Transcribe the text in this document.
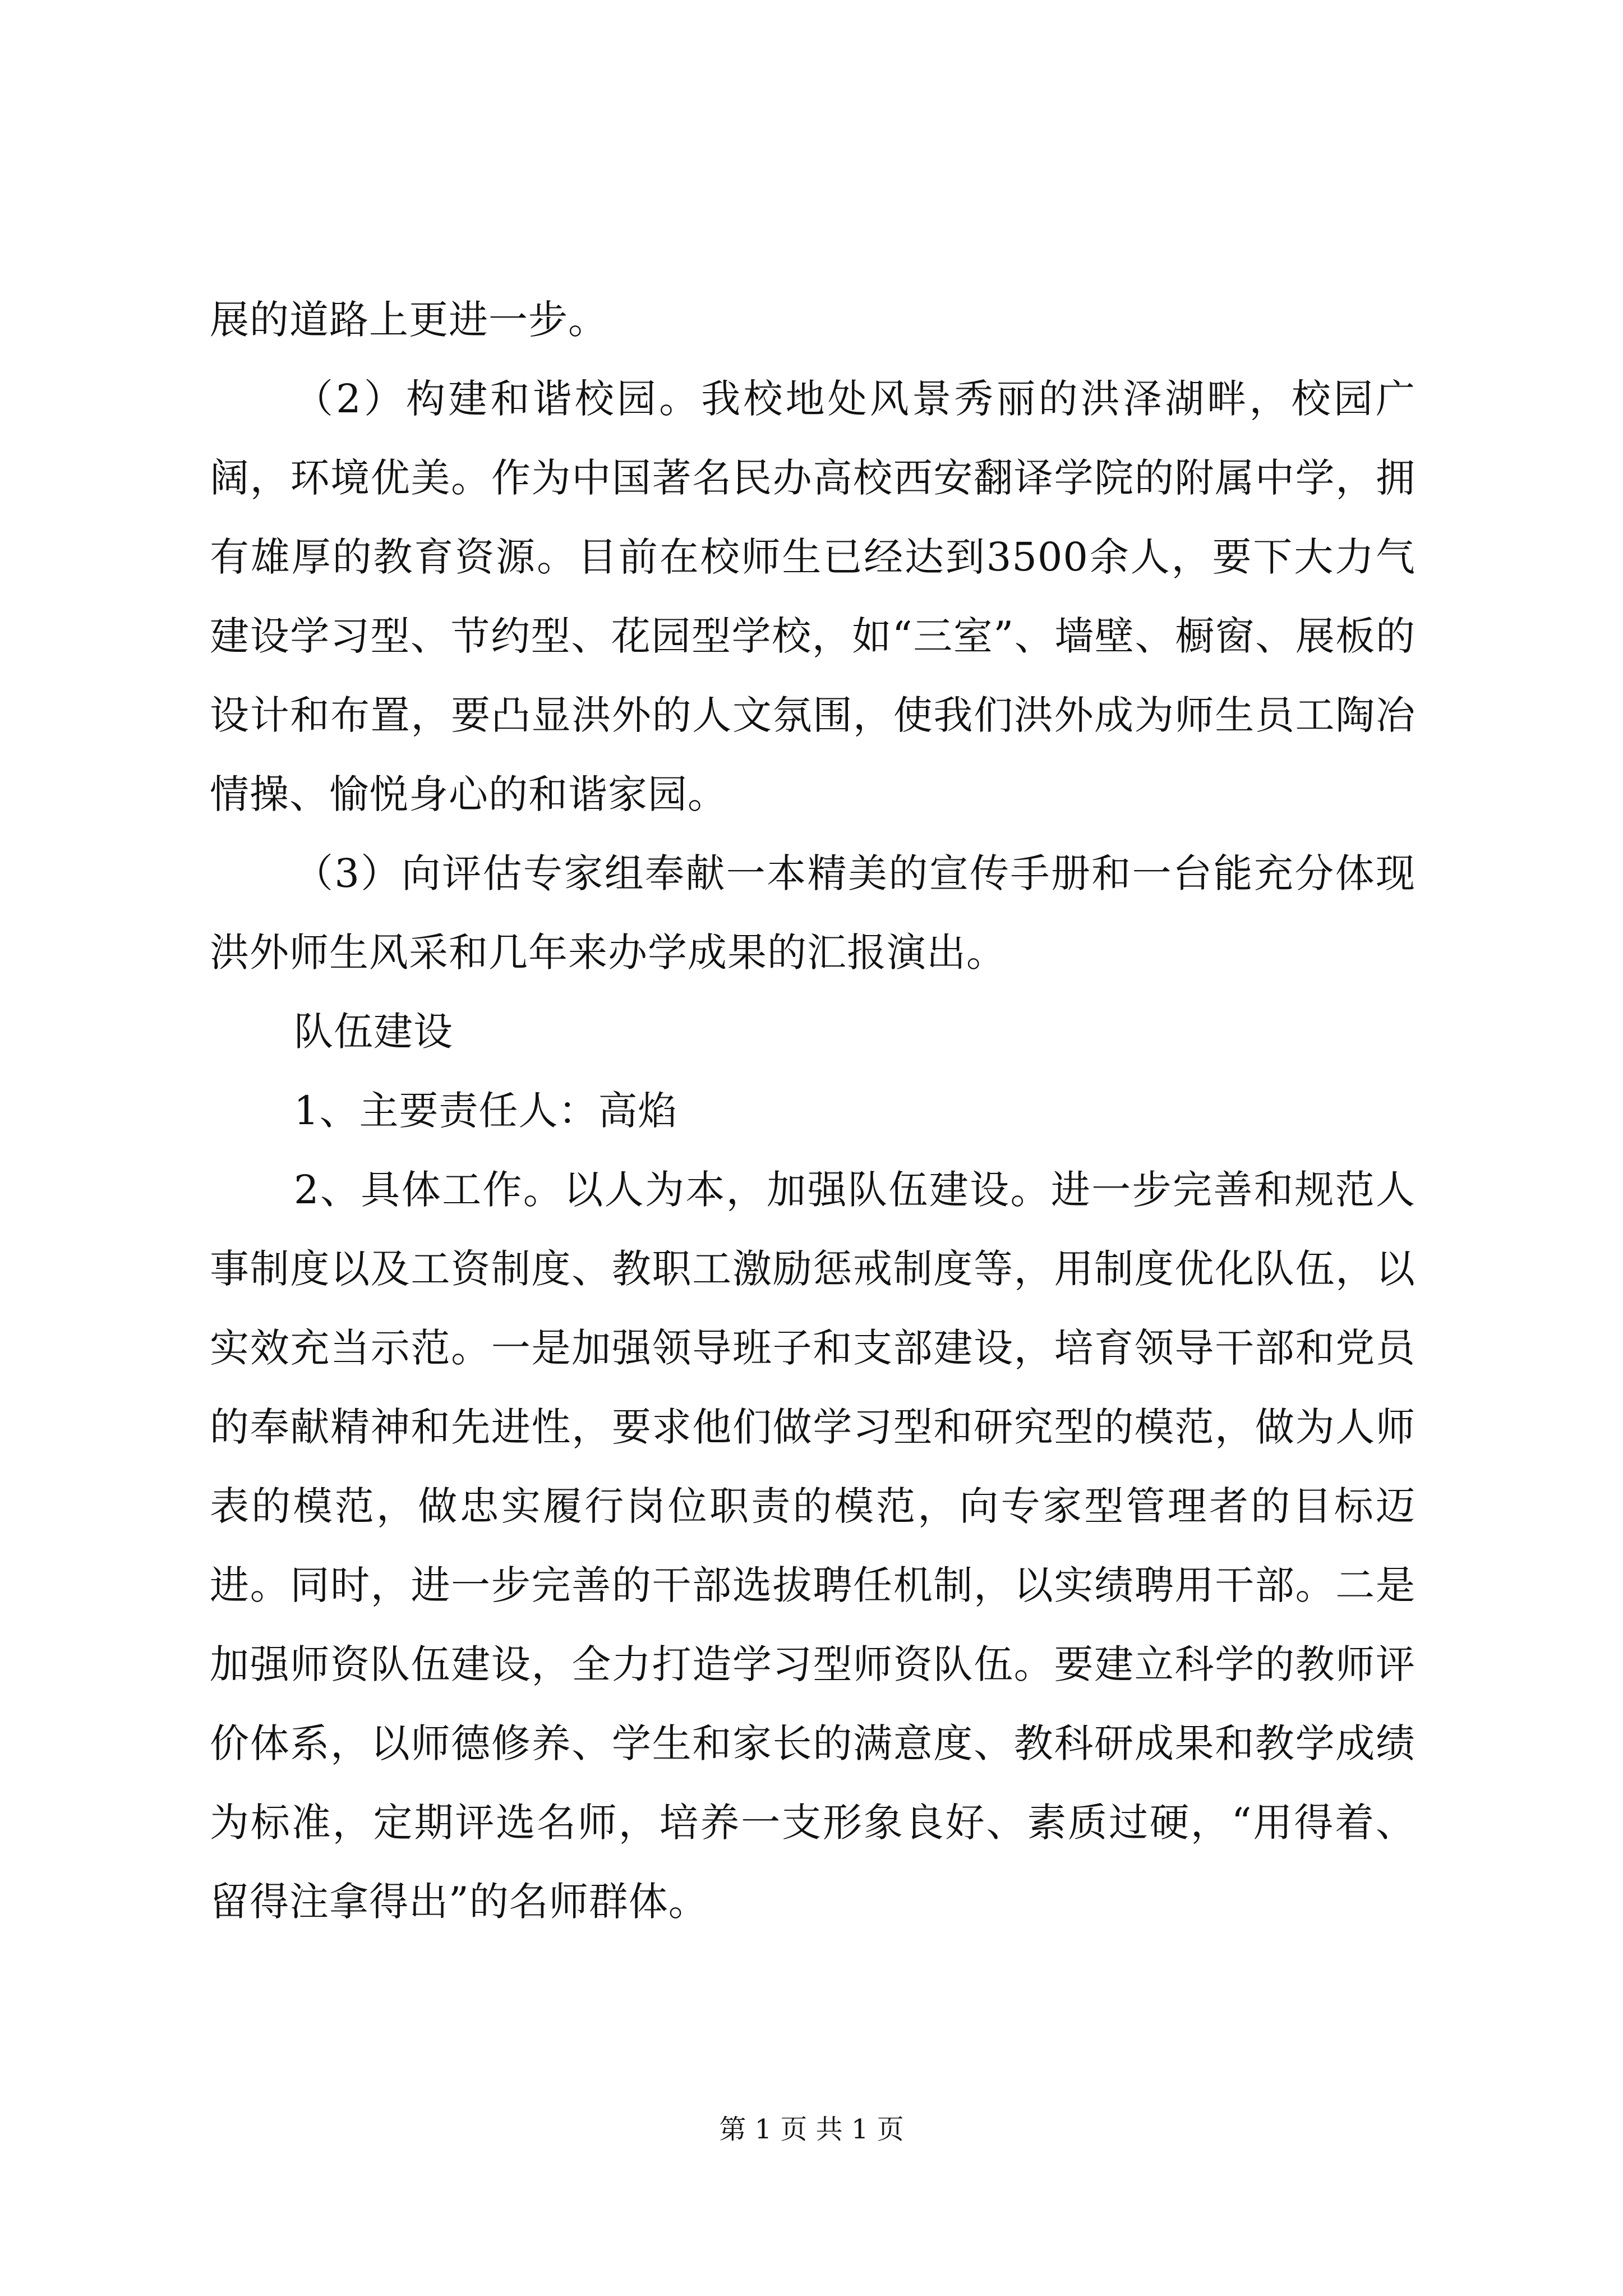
展的道路上更进一步。

（2）构建和谐校园。我校地处风景秀丽的洪泽湖畔，校园广阔，环境优美。作为中国著名民办高校西安翻译学院的附属中学，拥有雄厚的教育资源。目前在校师生已经达到3500余人，要下大力气建设学习型、节约型、花园型学校，如“三室”、墙壁、橱窗、展板的设计和布置，要凸显洪外的人文氛围，使我们洪外成为师生员工陶冶情操、愉悦身心的和谐家园。

（3）向评估专家组奉献一本精美的宣传手册和一台能充分体现洪外师生风采和几年来办学成果的汇报演出。

队伍建设

1、主要责任人：高焰

2、具体工作。以人为本，加强队伍建设。进一步完善和规范人事制度以及工资制度、教职工激励惩戒制度等，用制度优化队伍，以实效充当示范。一是加强领导班子和支部建设，培育领导干部和党员的奉献精神和先进性，要求他们做学习型和研究型的模范，做为人师表的模范，做忠实履行岗位职责的模范，向专家型管理者的目标迈进。同时，进一步完善的干部选拔聘任机制，以实绩聘用干部。二是加强师资队伍建设，全力打造学习型师资队伍。要建立科学的教师评价体系，以师德修养、学生和家长的满意度、教科研成果和教学成绩为标准，定期评选名师，培养一支形象良好、素质过硬，“用得着、留得注拿得出”的名师群体。

第 1 页 共 1 页
